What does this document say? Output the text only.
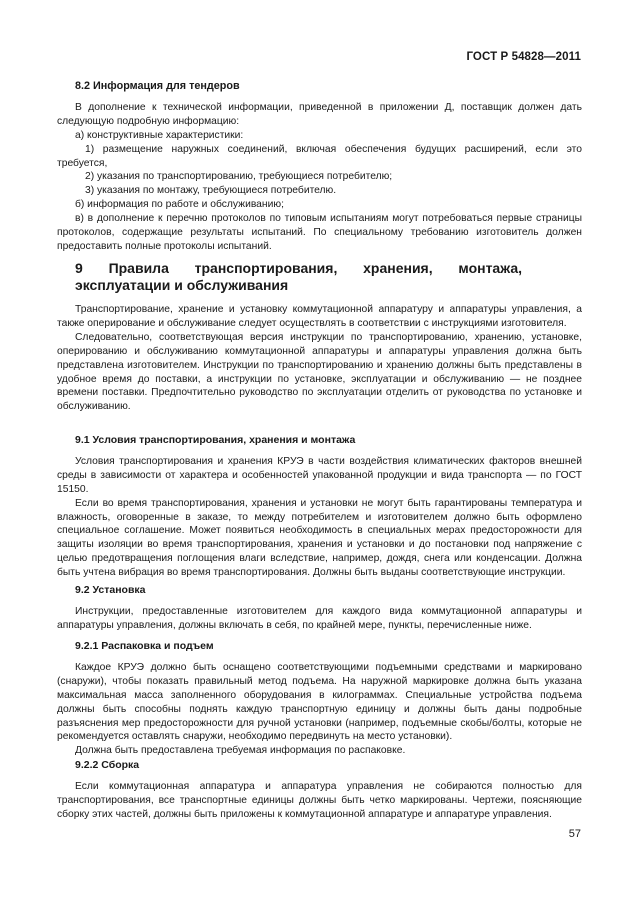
ГОСТ Р 54828—2011

8.2 Информация для тендеров

В дополнение к технической информации, приведенной в приложении Д, поставщик должен дать следующую подробную информацию:

а) конструктивные характеристики:

1) размещение наружных соединений, включая обеспечения будущих расширений, если это требуется,

2) указания по транспортированию, требующиеся потребителю;

3) указания по монтажу, требующиеся потребителю.

б) информация по работе и обслуживанию;

в) в дополнение к перечню протоколов по типовым испытаниям могут потребоваться первые страницы протоколов, содержащие результаты испытаний. По специальному требованию изготовитель должен предоставить полные протоколы испытаний.

9 Правила транспортирования, хранения, монтажа, эксплуатации и обслуживания

Транспортирование, хранение и установку коммутационной аппаратуру и аппаратуры управления, а также оперирование и обслуживание следует осуществлять в соответствии с инструкциями изготовителя.

Следовательно, соответствующая версия инструкции по транспортированию, хранению, установке, оперированию и обслуживанию коммутационной аппаратуры и аппаратуры управления должна быть представлена изготовителем. Инструкции по транспортированию и хранению должны быть представлены в удобное время до поставки, а инструкции по установке, эксплуатации и обслуживанию — не позднее времени поставки. Предпочтительно руководство по эксплуатации отделить от руководства по установке и обслуживанию.

9.1 Условия транспортирования, хранения и монтажа

Условия транспортирования и хранения КРУЭ в части воздействия климатических факторов внешней среды в зависимости от характера и особенностей упакованной продукции и вида транспорта — по ГОСТ 15150.

Если во время транспортирования, хранения и установки не могут быть гарантированы температура и влажность, оговоренные в заказе, то между потребителем и изготовителем должно быть оформлено специальное соглашение. Может появиться необходимость в специальных мерах предосторожности для защиты изоляции во время транспортирования, хранения и установки и до постановки под напряжение с целью предотвращения поглощения влаги вследствие, например, дождя, снега или конденсации. Должна быть учтена вибрация во время транспортирования. Должны быть выданы соответствующие инструкции.

9.2 Установка

Инструкции, предоставленные изготовителем для каждого вида коммутационной аппаратуры и аппаратуры управления, должны включать в себя, по крайней мере, пункты, перечисленные ниже.

9.2.1 Распаковка и подъем

Каждое КРУЭ должно быть оснащено соответствующими подъемными средствами и маркировано (снаружи), чтобы показать правильный метод подъема. На наружной маркировке должна быть указана максимальная масса заполненного оборудования в килограммах. Специальные устройства подъема должны быть способны поднять каждую транспортную единицу и должны быть даны подробные разъяснения мер предосторожности для ручной установки (например, подъемные скобы/болты, которые не рекомендуется оставлять снаружи, необходимо передвинуть на место установки).

Должна быть предоставлена требуемая информация по распаковке.

9.2.2 Сборка

Если коммутационная аппаратура и аппаратура управления не собираются полностью для транспортирования, все транспортные единицы должны быть четко маркированы. Чертежи, поясняющие сборку этих частей, должны быть приложены к коммутационной аппаратуре и аппаратуре управления.

57
